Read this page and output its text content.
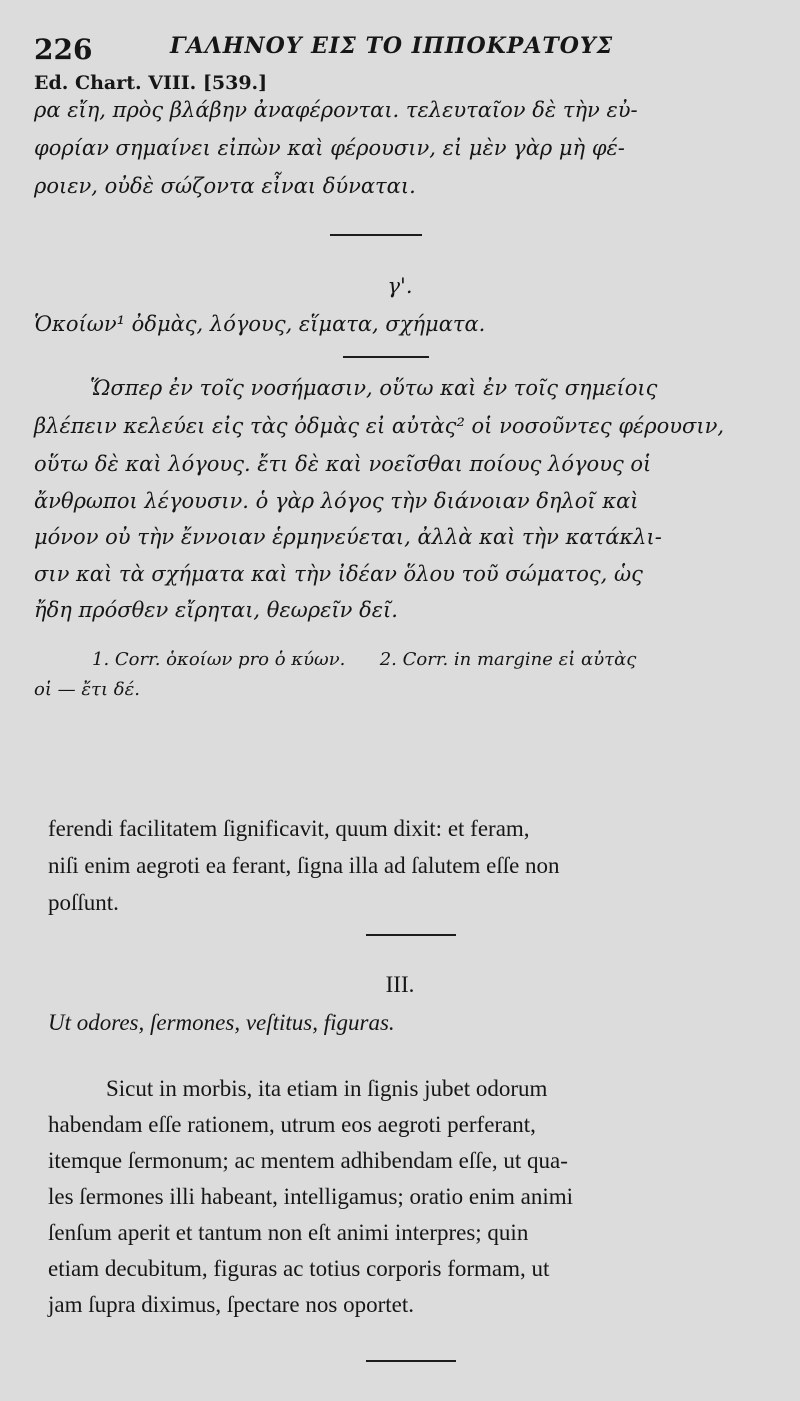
226	ΓΑΛΗΝΟΥ ΕΙΣ ΤΟ ΙΠΠΟΚΡΑΤΟΥΣ
Ed. Chart. VIII. [539.]
ρα εἴη, πρὸς βλάβην ἀναφέρονται. τελευταῖον δὲ τὴν εὐ-
φορίαν σημαίνει εἰπὼν καὶ φέρουσιν, εἰ μὲν γὰρ μὴ φέ-
ροιεν, οὐδὲ σώζοντα εἶναι δύναται.
γ'.
Ὁκοίων¹ ὀδμὰς, λόγους, εἵματα, σχήματα.
Ὥσπερ ἐν τοῖς νοσήμασιν, οὕτω καὶ ἐν τοῖς σημείοις
βλέπειν κελεύει εἰς τὰς ὀδμὰς εἰ αὐτὰς² οἱ νοσοῦντες φέρουσιν,
οὕτω δὲ καὶ λόγους. ἔτι δὲ καὶ νοεῖσθαι ποίους λόγους οἱ
ἄνθρωποι λέγουσιν. ὁ γὰρ λόγος τὴν διάνοιαν δηλοῖ καὶ
μόνον οὐ τὴν ἔννοιαν ἑρμηνεύεται, ἀλλὰ καὶ τὴν κατάκλι-
σιν καὶ τὰ σχήματα καὶ τὴν ἰδέαν ὅλου τοῦ σώματος, ὡς
ἤδη πρόσθεν εἴρηται, θεωρεῖν δεῖ.
1. Corr. ὁκοίων pro ὁ κύων.      2. Corr. in margine εἰ αὐτὰς
οἱ — ἔτι δέ.
ferendi facilitatem ſignificavit, quum dixit: et feram,
niſi enim aegroti ea ferant, ſigna illa ad ſalutem eſſe non
poſſunt.
III.
Ut odores, ſermones, veſtitus, figuras.
Sicut in morbis, ita etiam in ſignis jubet odorum
habendam eſſe rationem, utrum eos aegroti perferant,
itemque ſermonum; ac mentem adhibendam eſſe, ut qua-
les ſermones illi habeant, intelligamus; oratio enim animi
ſenſum aperit et tantum non eſt animi interpres; quin
etiam decubitum, figuras ac totius corporis formam, ut
jam ſupra diximus, ſpectare nos oportet.
